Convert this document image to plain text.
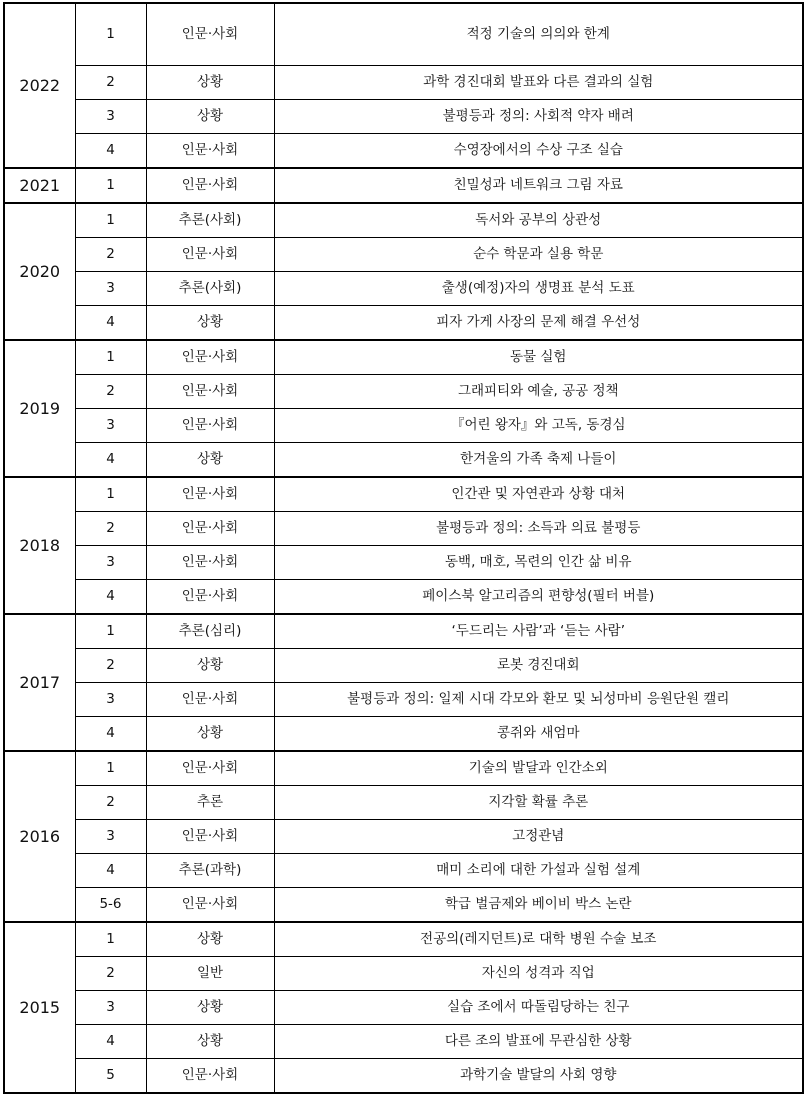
2022	1	인문·사회	적정 기술의 의의와 한계
	2	상황	과학 경진대회 발표와 다른 결과의 실험
	3	상황	불평등과 정의: 사회적 약자 배려
	4	인문·사회	수영장에서의 수상 구조 실습
2021	1	인문·사회	친밀성과 네트워크 그림 자료
2020	1	추론(사회)	독서와 공부의 상관성
	2	인문·사회	순수 학문과 실용 학문
	3	추론(사회)	출생(예정)자의 생명표 분석 도표
	4	상황	피자 가게 사장의 문제 해결 우선성
2019	1	인문·사회	동물 실험
	2	인문·사회	그래피티와 예술, 공공 정책
	3	인문·사회	『어린 왕자』와 고독, 동경심
	4	상황	한겨울의 가족 축제 나들이
2018	1	인문·사회	인간관 및 자연관과 상황 대처
	2	인문·사회	불평등과 정의: 소득과 의료 불평등
	3	인문·사회	동백, 매호, 목련의 인간 삶 비유
	4	인문·사회	페이스북 알고리즘의 편향성(필터 버블)
2017	1	추론(심리)	‘두드리는 사람’과 ‘듣는 사람’
	2	상황	로봇 경진대회
	3	인문·사회	불평등과 정의: 일제 시대 각모와 환모 및 뇌성마비 응원단원 캘리
	4	상황	콩쥐와 새엄마
2016	1	인문·사회	기술의 발달과 인간소외
	2	추론	지각할 확률 추론
	3	인문·사회	고정관념
	4	추론(과학)	매미 소리에 대한 가설과 실험 설계
	5-6	인문·사회	학급 벌금제와 베이비 박스 논란
2015	1	상황	전공의(레지던트)로 대학 병원 수술 보조
	2	일반	자신의 성격과 직업
	3	상황	실습 조에서 따돌림당하는 친구
	4	상황	다른 조의 발표에 무관심한 상황
	5	인문·사회	과학기술 발달의 사회 영향
